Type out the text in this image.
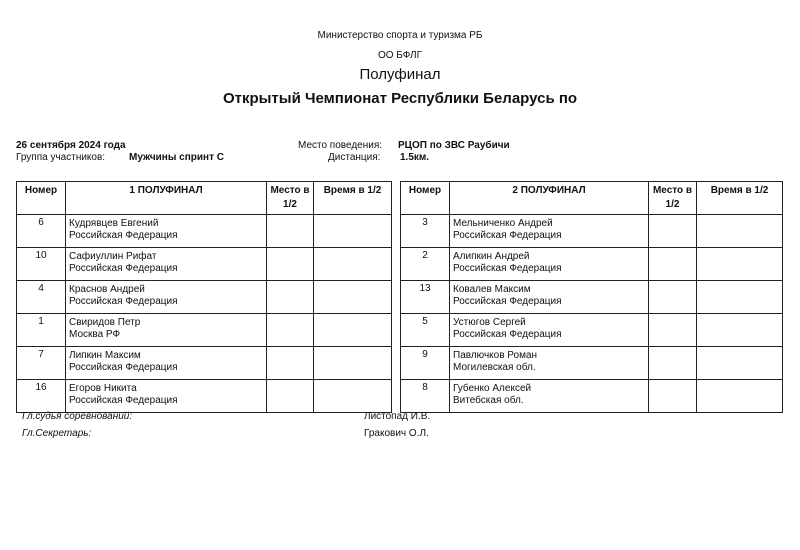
Министерство спорта и туризма РБ
ОО БФЛГ
Полуфинал
Открытый Чемпионат Республики Беларусь по
26 сентября 2024 года
Группа участников: Мужчины спринт С
Место поведения: РЦОП по ЗВС Раубичи
Дистанция: 1.5км.
Номер	1 ПОЛУФИНАЛ	Место в 1/2	Время в 1/2
6	Кудрявцев Евгений
Российская Федерация		

10	Сафиуллин Рифат
Российская Федерация		

4	Краснов Андрей
Российская Федерация		

1	Свиридов Петр
Москва РФ		

7	Липкин Максим
Российская Федерация		

16	Егоров Никита
Российская Федерация		

Номер	2 ПОЛУФИНАЛ	Место в 1/2	Время в 1/2
3	Мельниченко Андрей
Российская Федерация		

2	Алипкин Андрей
Российская Федерация		

13	Ковалев Максим
Российская Федерация		

5	Устюгов Сергей
Российская Федерация		

9	Павлючков Роман
Могилевская обл.		

8	Губенко Алексей
Витебская обл.		

Гл.судья соревнований:	Листопад И.В.
Гл.Секретарь:	Гракович О.Л.
